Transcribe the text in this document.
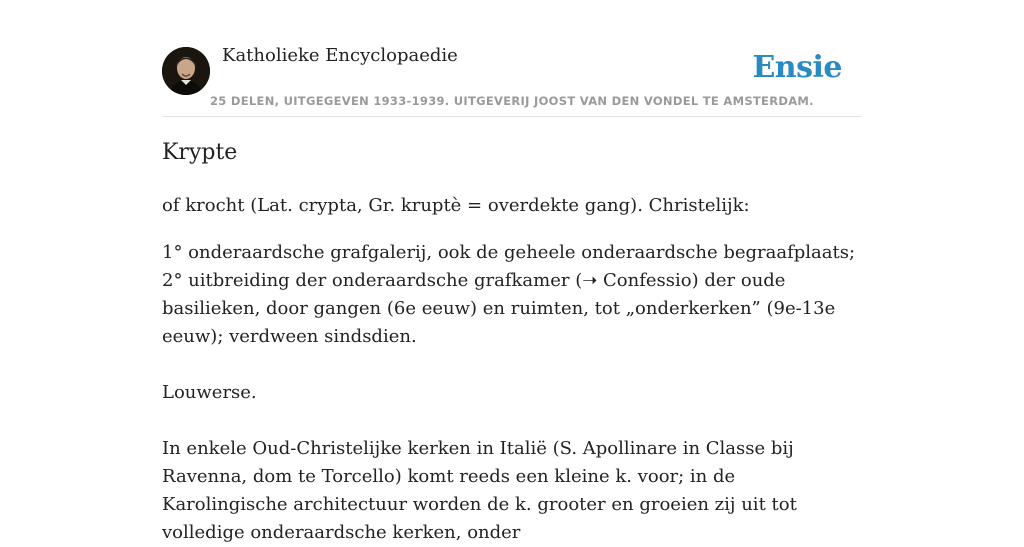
Katholieke Encyclopaedie	Ensie
25 DELEN, UITGEGEVEN 1933-1939. UITGEVERIJ JOOST VAN DEN VONDEL TE AMSTERDAM.
Krypte

of krocht (Lat. crypta, Gr. kruptè = overdekte gang). Christelijk:

1° onderaardsche grafgalerij, ook de geheele onderaardsche begraafplaats;

2° uitbreiding der onderaardsche grafkamer (➝ Confessio) der oude basilieken, door gangen (6e eeuw) en ruimten, tot „onderkerken” (9e-13e eeuw); verdween sindsdien.

Louwerse.

In enkele Oud-Christelijke kerken in Italië (S. Apollinare in Classe bij Ravenna, dom te Torcello) komt reeds een kleine k. voor; in de Karolingische architectuur worden de k. grooter en groeien zij uit tot volledige onderaardsche kerken, onder
